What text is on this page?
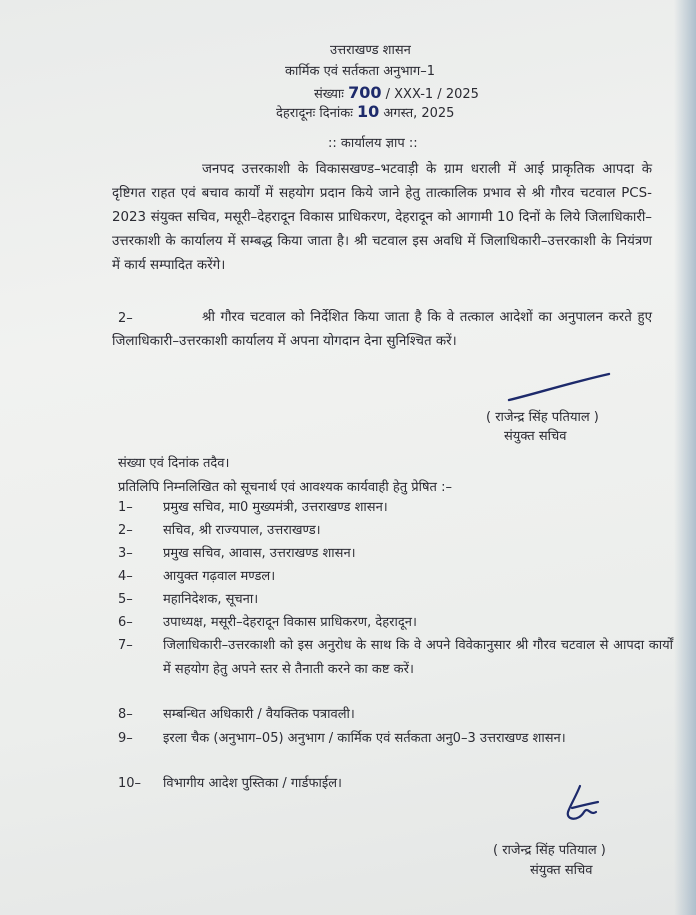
उत्तराखण्ड शासन
कार्मिक एवं सर्तकता अनुभाग–1
संख्याः 700 / XXX-1 / 2025
देहरादूनः दिनांकः 10 अगस्त, 2025
:: कार्यालय ज्ञाप ::

जनपद उत्तरकाशी के विकासखण्ड–भटवाड़ी के ग्राम धराली में आई प्राकृतिक आपदा के दृष्टिगत राहत एवं बचाव कार्यों में सहयोग प्रदान किये जाने हेतु तात्कालिक प्रभाव से श्री गौरव चटवाल PCS-2023 संयुक्त सचिव, मसूरी–देहरादून विकास प्राधिकरण, देहरादून को आगामी 10 दिनों के लिये जिलाधिकारी–उत्तरकाशी के कार्यालय में सम्बद्ध किया जाता है। श्री चटवाल इस अवधि में जिलाधिकारी–उत्तरकाशी के नियंत्रण में कार्य सम्पादित करेंगे।

2–	श्री गौरव चटवाल को निर्देशित किया जाता है कि वे तत्काल आदेशों का अनुपालन करते हुए जिलाधिकारी–उत्तरकाशी कार्यालय में अपना योगदान देना सुनिश्चित करें।

( राजेन्द्र सिंह पतियाल )
संयुक्त सचिव
संख्या एवं दिनांक तदैव।
प्रतिलिपि निम्नलिखित को सूचनार्थ एवं आवश्यक कार्यवाही हेतु प्रेषित :–
1– प्रमुख सचिव, मा0 मुख्यमंत्री, उत्तराखण्ड शासन।
2– सचिव, श्री राज्यपाल, उत्तराखण्ड।
3– प्रमुख सचिव, आवास, उत्तराखण्ड शासन।
4– आयुक्त गढ़वाल मण्डल।
5– महानिदेशक, सूचना।
6– उपाध्यक्ष, मसूरी–देहरादून विकास प्राधिकरण, देहरादून।
7– जिलाधिकारी–उत्तरकाशी को इस अनुरोध के साथ कि वे अपने विवेकानुसार श्री गौरव चटवाल से आपदा कार्यों में सहयोग हेतु अपने स्तर से तैनाती करने का कष्ट करें।
8– सम्बन्धित अधिकारी / वैयक्तिक पत्रावली।
9– इरला चैक (अनुभाग–05) अनुभाग / कार्मिक एवं सर्तकता अनु0–3 उत्तराखण्ड शासन।
10– विभागीय आदेश पुस्तिका / गार्डफाईल।
( राजेन्द्र सिंह पतियाल )
संयुक्त सचिव
